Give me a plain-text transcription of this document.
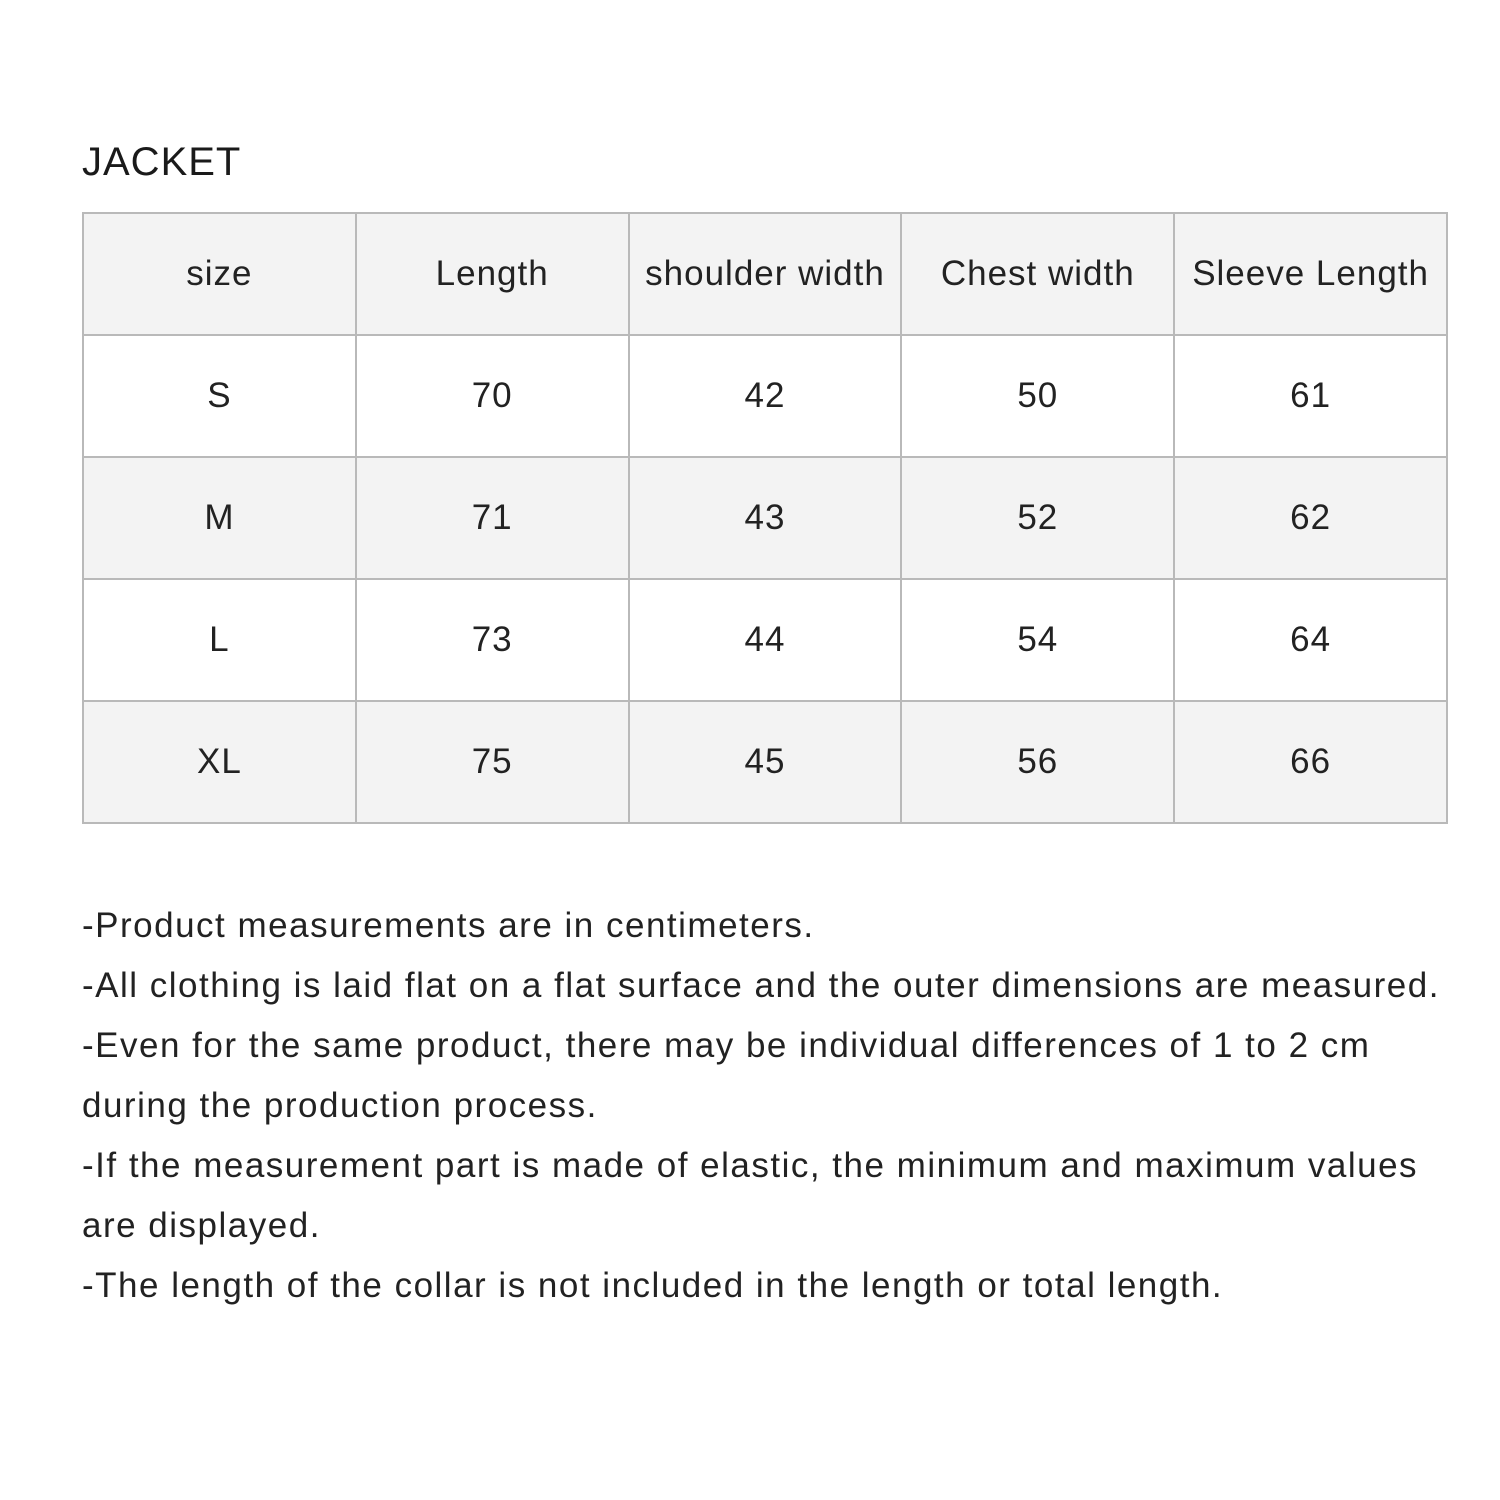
JACKET
size	Length	shoulder width	Chest width	Sleeve Length
S	70	42	50	61
M	71	43	52	62
L	73	44	54	64
XL	75	45	56	66
-Product measurements are in centimeters.
-All clothing is laid flat on a flat surface and the outer dimensions are measured.
-Even for the same product, there may be individual differences of 1 to 2 cm during the production process.
-If the measurement part is made of elastic, the minimum and maximum values are displayed.
-The length of the collar is not included in the length or total length.
